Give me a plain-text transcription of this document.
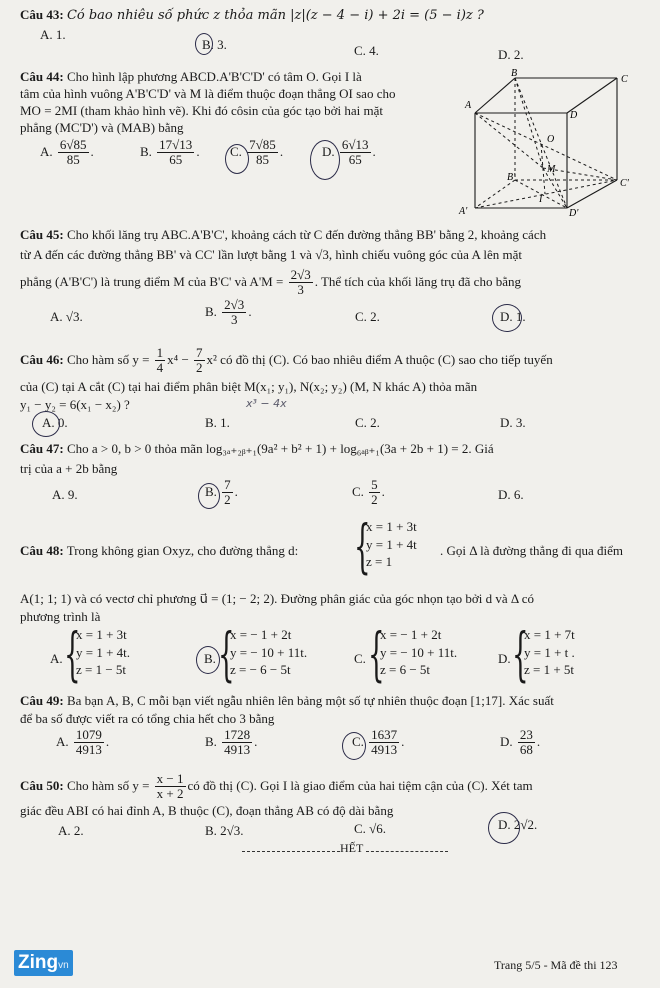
Câu 43: Có bao nhiêu số phức z thỏa mãn |z|(z − 4 − i) + 2i = (5 − i)z ?
A. 1.
B. 3.	C. 4.	D. 2.
Câu 44: Cho hình lập phương ABCD.A'B'C'D' có tâm O. Gọi I là
tâm của hình vuông A'B'C'D' và M là điểm thuộc đoạn thẳng OI sao cho
MO = 2MI (tham khảo hình vẽ). Khi đó côsin của góc tạo bởi hai mặt
phẳng (MC'D') và (MAB) bằng
A. $\frac{6√85}{85}$ .	B. $\frac{17√13}{65}$ . C. $\frac{7√85}{85}$ .	D. $\frac{6√13}{65}$ .
B
C
A
D
O
M
B'
C'
I
A'	D'
Câu 45: Cho khối lăng trụ ABC.A'B'C', khoảng cách từ C đến đường thẳng BB' bằng 2, khoảng cách
từ A đến các đường thẳng BB' và CC' lần lượt bằng 1 và √3, hình chiếu vuông góc của A lên mặt
phẳng (A'B'C') là trung điểm M của B'C' và $A'M = \frac{2√3}{3}$ . Thể tích của khối lăng trụ đã cho bằng
A. √3.	B. $\frac{2√3}{3}$ .	C. 2.	D. 1.
Câu 46: Cho hàm số $y = \frac{1}{4} x^4 - \frac{7}{2} x^2$ có đồ thị (C). Có bao nhiêu điểm A thuộc (C) sao cho tiếp tuyến
của (C) tại A cắt (C) tại hai điểm phân biệt M(x₁; y₁), N(x₂; y₂) (M, N khác A) thỏa mãn
y₁ − y₂ = 6(x₁ − x₂) ?	x³ − 4x
A. 0.	B. 1.	C. 2.	D. 3.
Câu 47: Cho a > 0, b > 0 thỏa mãn log₃ₐ₊₂ᵦ₊₁(9a² + b² + 1) + log₆ₐᵦ₊₁(3a + 2b + 1) = 2. Giá
trị của a + 2b bằng
A. 9.	B. $\frac{7}{2}$ .	C. $\frac{5}{2}$ .	D. 6.
Câu 48: Trong không gian Oxyz, cho đường thẳng d: {
x = 1 + 3t
y = 1 + 4t
z = 1
. Gọi Δ là đường thẳng đi qua điểm
A(1; 1; 1) và có vectơ chỉ phương u⃗ = (1; − 2; 2). Đường phân giác của góc nhọn tạo bởi d và Δ có
phương trình là
A. {
x = 1 + 3t
y = 1 + 4t.
z = 1 − 5t
B. {
x = − 1 + 2t
y = − 10 + 11t.
z = − 6 − 5t
C. {
x = − 1 + 2t
y = − 10 + 11t.
z = 6 − 5t
D. {
x = 1 + 7t
y = 1 + t .
z = 1 + 5t
Câu 49: Ba bạn A, B, C mỗi bạn viết ngẫu nhiên lên bảng một số tự nhiên thuộc đoạn [1;17]. Xác suất
để ba số được viết ra có tổng chia hết cho 3 bằng
A. $\frac{1079}{4913}$ .	B. $\frac{1728}{4913}$ .	C. $\frac{1637}{4913}$ .	D. $\frac{23}{68}$ .
Câu 50: Cho hàm số $y = \frac{x - 1}{x + 2}$ có đồ thị (C). Gọi I là giao điểm của hai tiệm cận của (C). Xét tam
giác đều ABI có hai đỉnh A, B thuộc (C), đoạn thẳng AB có độ dài bằng
A. 2.	B. 2√3.	C. √6.	D. 2√2.
HẾT
Zingvn	Trang 5/5 - Mã đề thi 123
